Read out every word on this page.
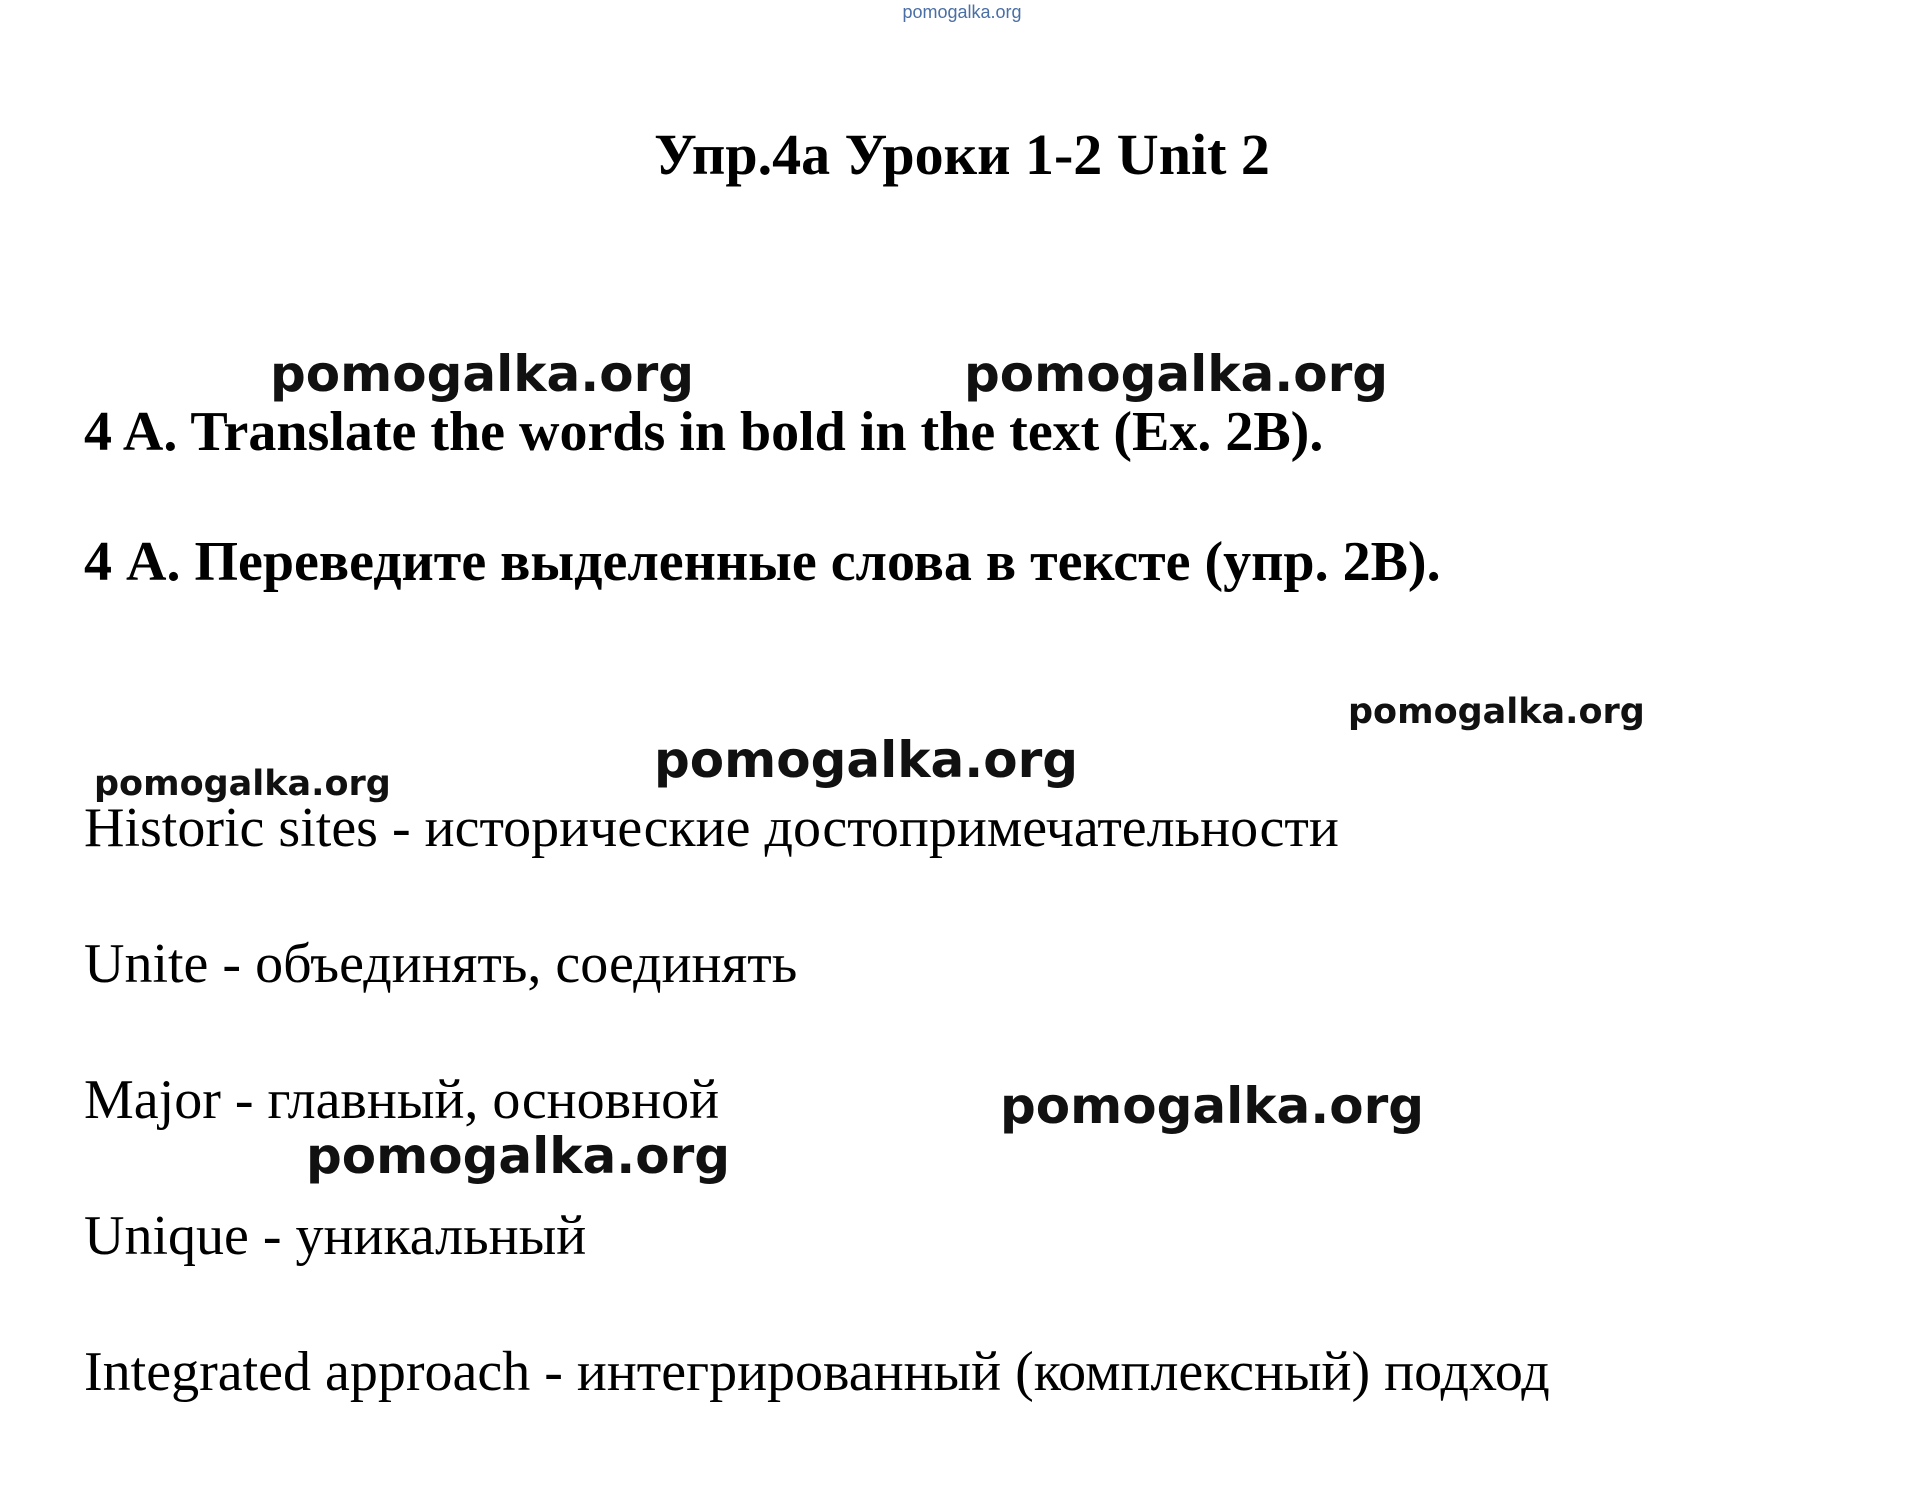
pomogalka.org
Упр.4а Уроки 1-2 Unit 2
4 A. Translate the words in bold in the text (Ex. 2B).
4 А. Переведите выделенные слова в тексте (упр. 2В).
Historic sites - исторические достопримечательности
Unite - объединять, соединять
Major - главный, основной
Unique - уникальный
Integrated approach - интегрированный (комплексный) подход
pomogalka.org	pomogalka.org
pomogalka.org
pomogalka.org
pomogalka.org
pomogalka.org
pomogalka.org
